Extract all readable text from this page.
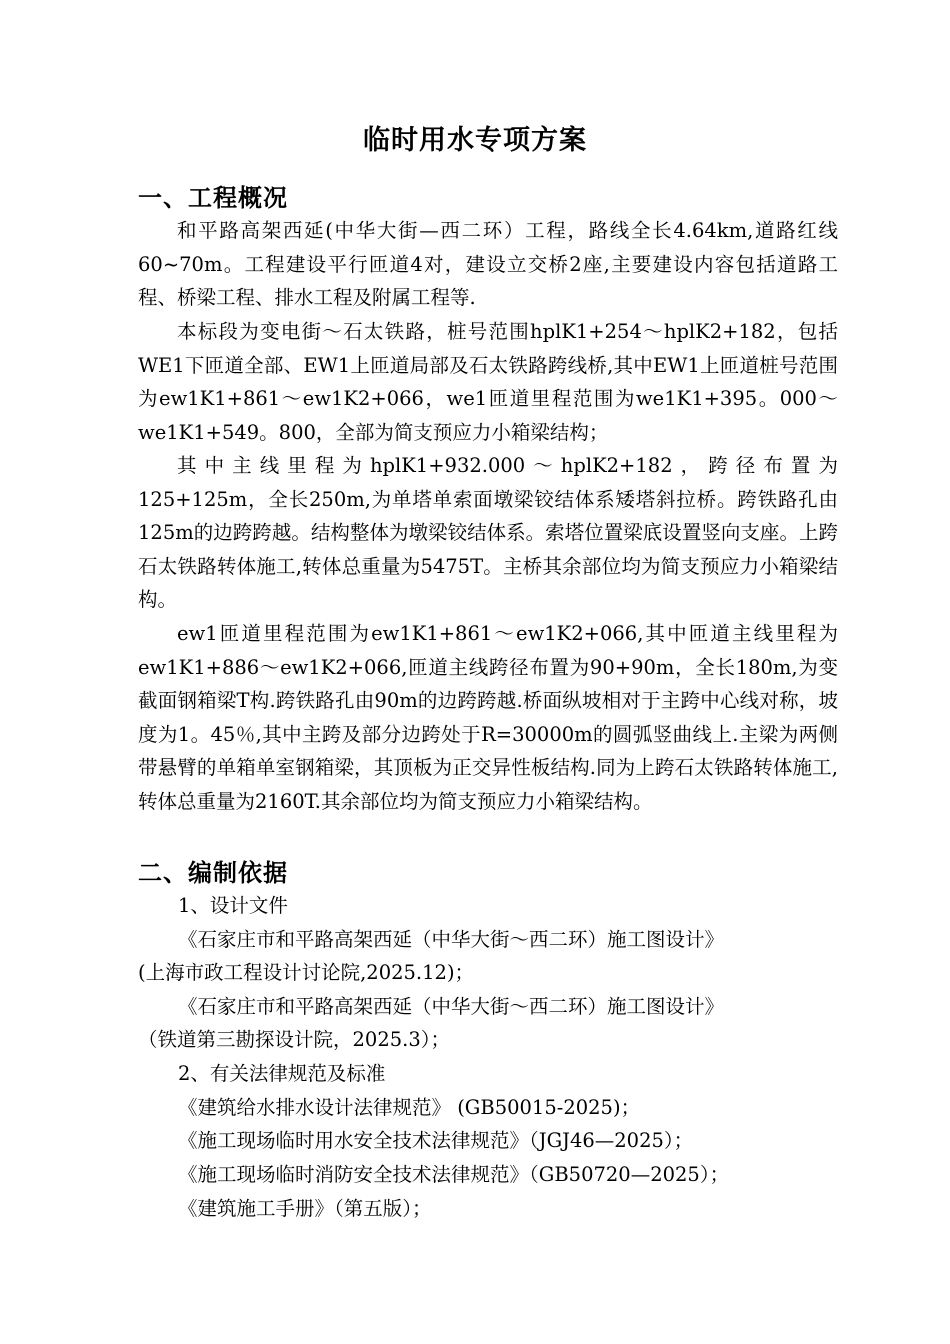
临时用水专项方案
一、工程概况

和平路高架西延(中华大街—西二环）工程，路线全长4.64km,道路红线60~70m。工程建设平行匝道4对，建设立交桥2座,主要建设内容包括道路工程、桥梁工程、排水工程及附属工程等.

本标段为变电街～石太铁路，桩号范围hplK1+254～hplK2+182，包括WE1下匝道全部、EW1上匝道局部及石太铁路跨线桥,其中EW1上匝道桩号范围为ew1K1+861～ew1K2+066，we1匝道里程范围为we1K1+395。000～ we1K1+549。800，全部为简支预应力小箱梁结构；

其中主线里程为hplK1+932.000～hplK2+182，跨径布置为125+125m，全长250m,为单塔单索面墩梁铰结体系矮塔斜拉桥。跨铁路孔由125m的边跨跨越。结构整体为墩梁铰结体系。索塔位置梁底设置竖向支座。上跨石太铁路转体施工,转体总重量为5475T。主桥其余部位均为简支预应力小箱梁结构。

ew1匝道里程范围为ew1K1+861～ew1K2+066,其中匝道主线里程为ew1K1+886～ew1K2+066,匝道主线跨径布置为90+90m，全长180m,为变截面钢箱梁T构.跨铁路孔由90m的边跨跨越.桥面纵坡相对于主跨中心线对称，坡度为1。45％,其中主跨及部分边跨处于R=30000m的圆弧竖曲线上.主梁为两侧带悬臂的单箱单室钢箱梁，其顶板为正交异性板结构.同为上跨石太铁路转体施工,转体总重量为2160T.其余部位均为简支预应力小箱梁结构。

二、编制依据
1、设计文件
《石家庄市和平路高架西延（中华大街～西二环）施工图设计》
(上海市政工程设计讨论院,2025.12)；
《石家庄市和平路高架西延（中华大街～西二环）施工图设计》
（铁道第三勘探设计院，2025.3）；
2、有关法律规范及标准
《建筑给水排水设计法律规范》 (GB50015-2025)；
《施工现场临时用水安全技术法律规范》（JGJ46—2025）；
《施工现场临时消防安全技术法律规范》（GB50720—2025）；
《建筑施工手册》（第五版）；
